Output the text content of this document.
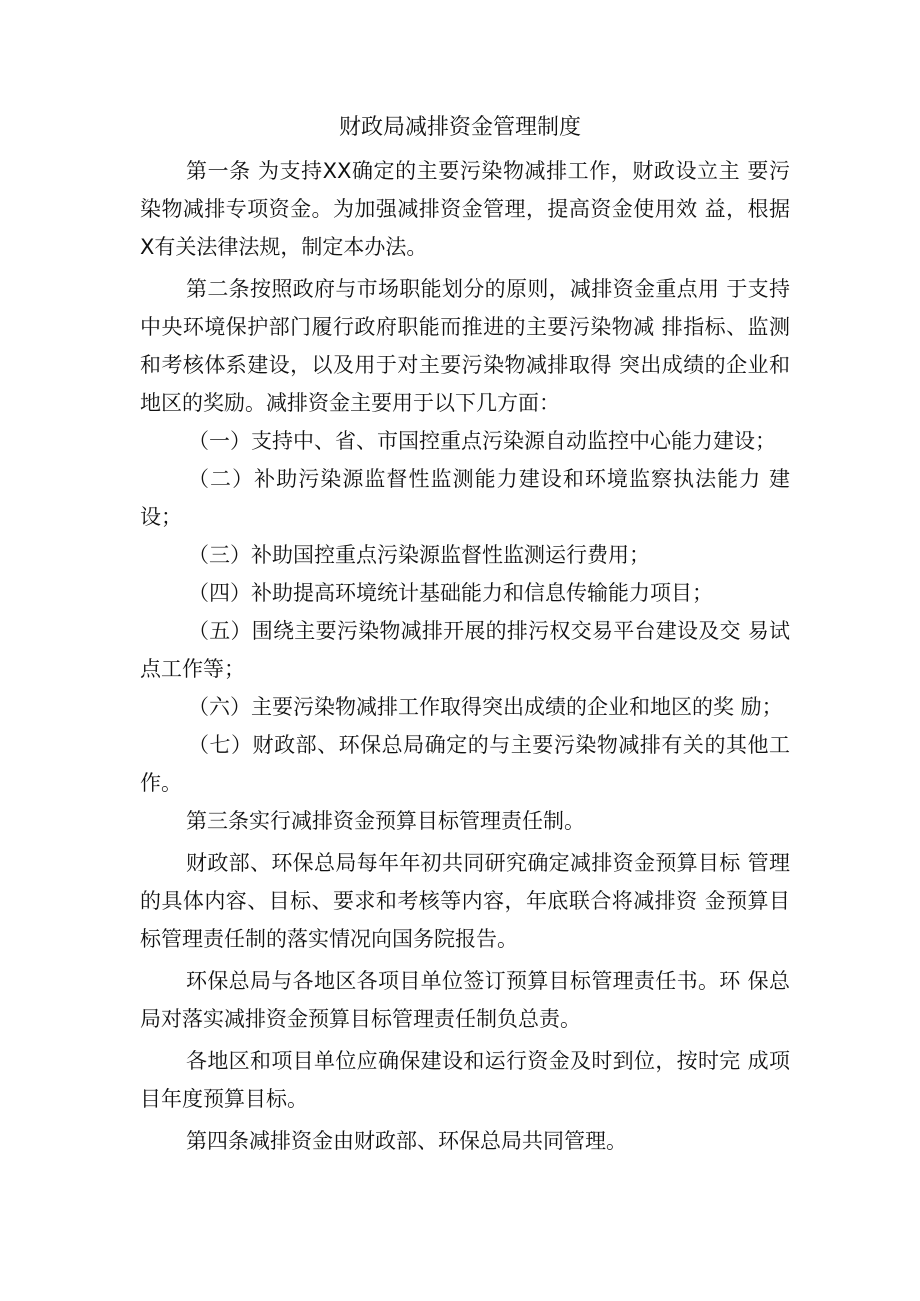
财政局减排资金管理制度

第一条 为支持XX确定的主要污染物减排工作，财政设立主 要污染物减排专项资金。为加强减排资金管理，提高资金使用效 益，根据X有关法律法规，制定本办法。

第二条按照政府与市场职能划分的原则，减排资金重点用 于支持中央环境保护部门履行政府职能而推进的主要污染物减 排指标、监测和考核体系建设，以及用于对主要污染物减排取得 突出成绩的企业和地区的奖励。减排资金主要用于以下几方面：

（一）支持中、省、市国控重点污染源自动监控中心能力建设；

（二）补助污染源监督性监测能力建设和环境监察执法能力 建设；

（三）补助国控重点污染源监督性监测运行费用；

（四）补助提高环境统计基础能力和信息传输能力项目；

（五）围绕主要污染物减排开展的排污权交易平台建设及交 易试点工作等；

（六）主要污染物减排工作取得突出成绩的企业和地区的奖 励；

（七）财政部、环保总局确定的与主要污染物减排有关的其他工作。

第三条实行减排资金预算目标管理责任制。

财政部、环保总局每年年初共同研究确定减排资金预算目标 管理的具体内容、目标、要求和考核等内容，年底联合将减排资 金预算目标管理责任制的落实情况向国务院报告。

环保总局与各地区各项目单位签订预算目标管理责任书。环 保总局对落实减排资金预算目标管理责任制负总责。

各地区和项目单位应确保建设和运行资金及时到位，按时完 成项目年度预算目标。

第四条减排资金由财政部、环保总局共同管理。
